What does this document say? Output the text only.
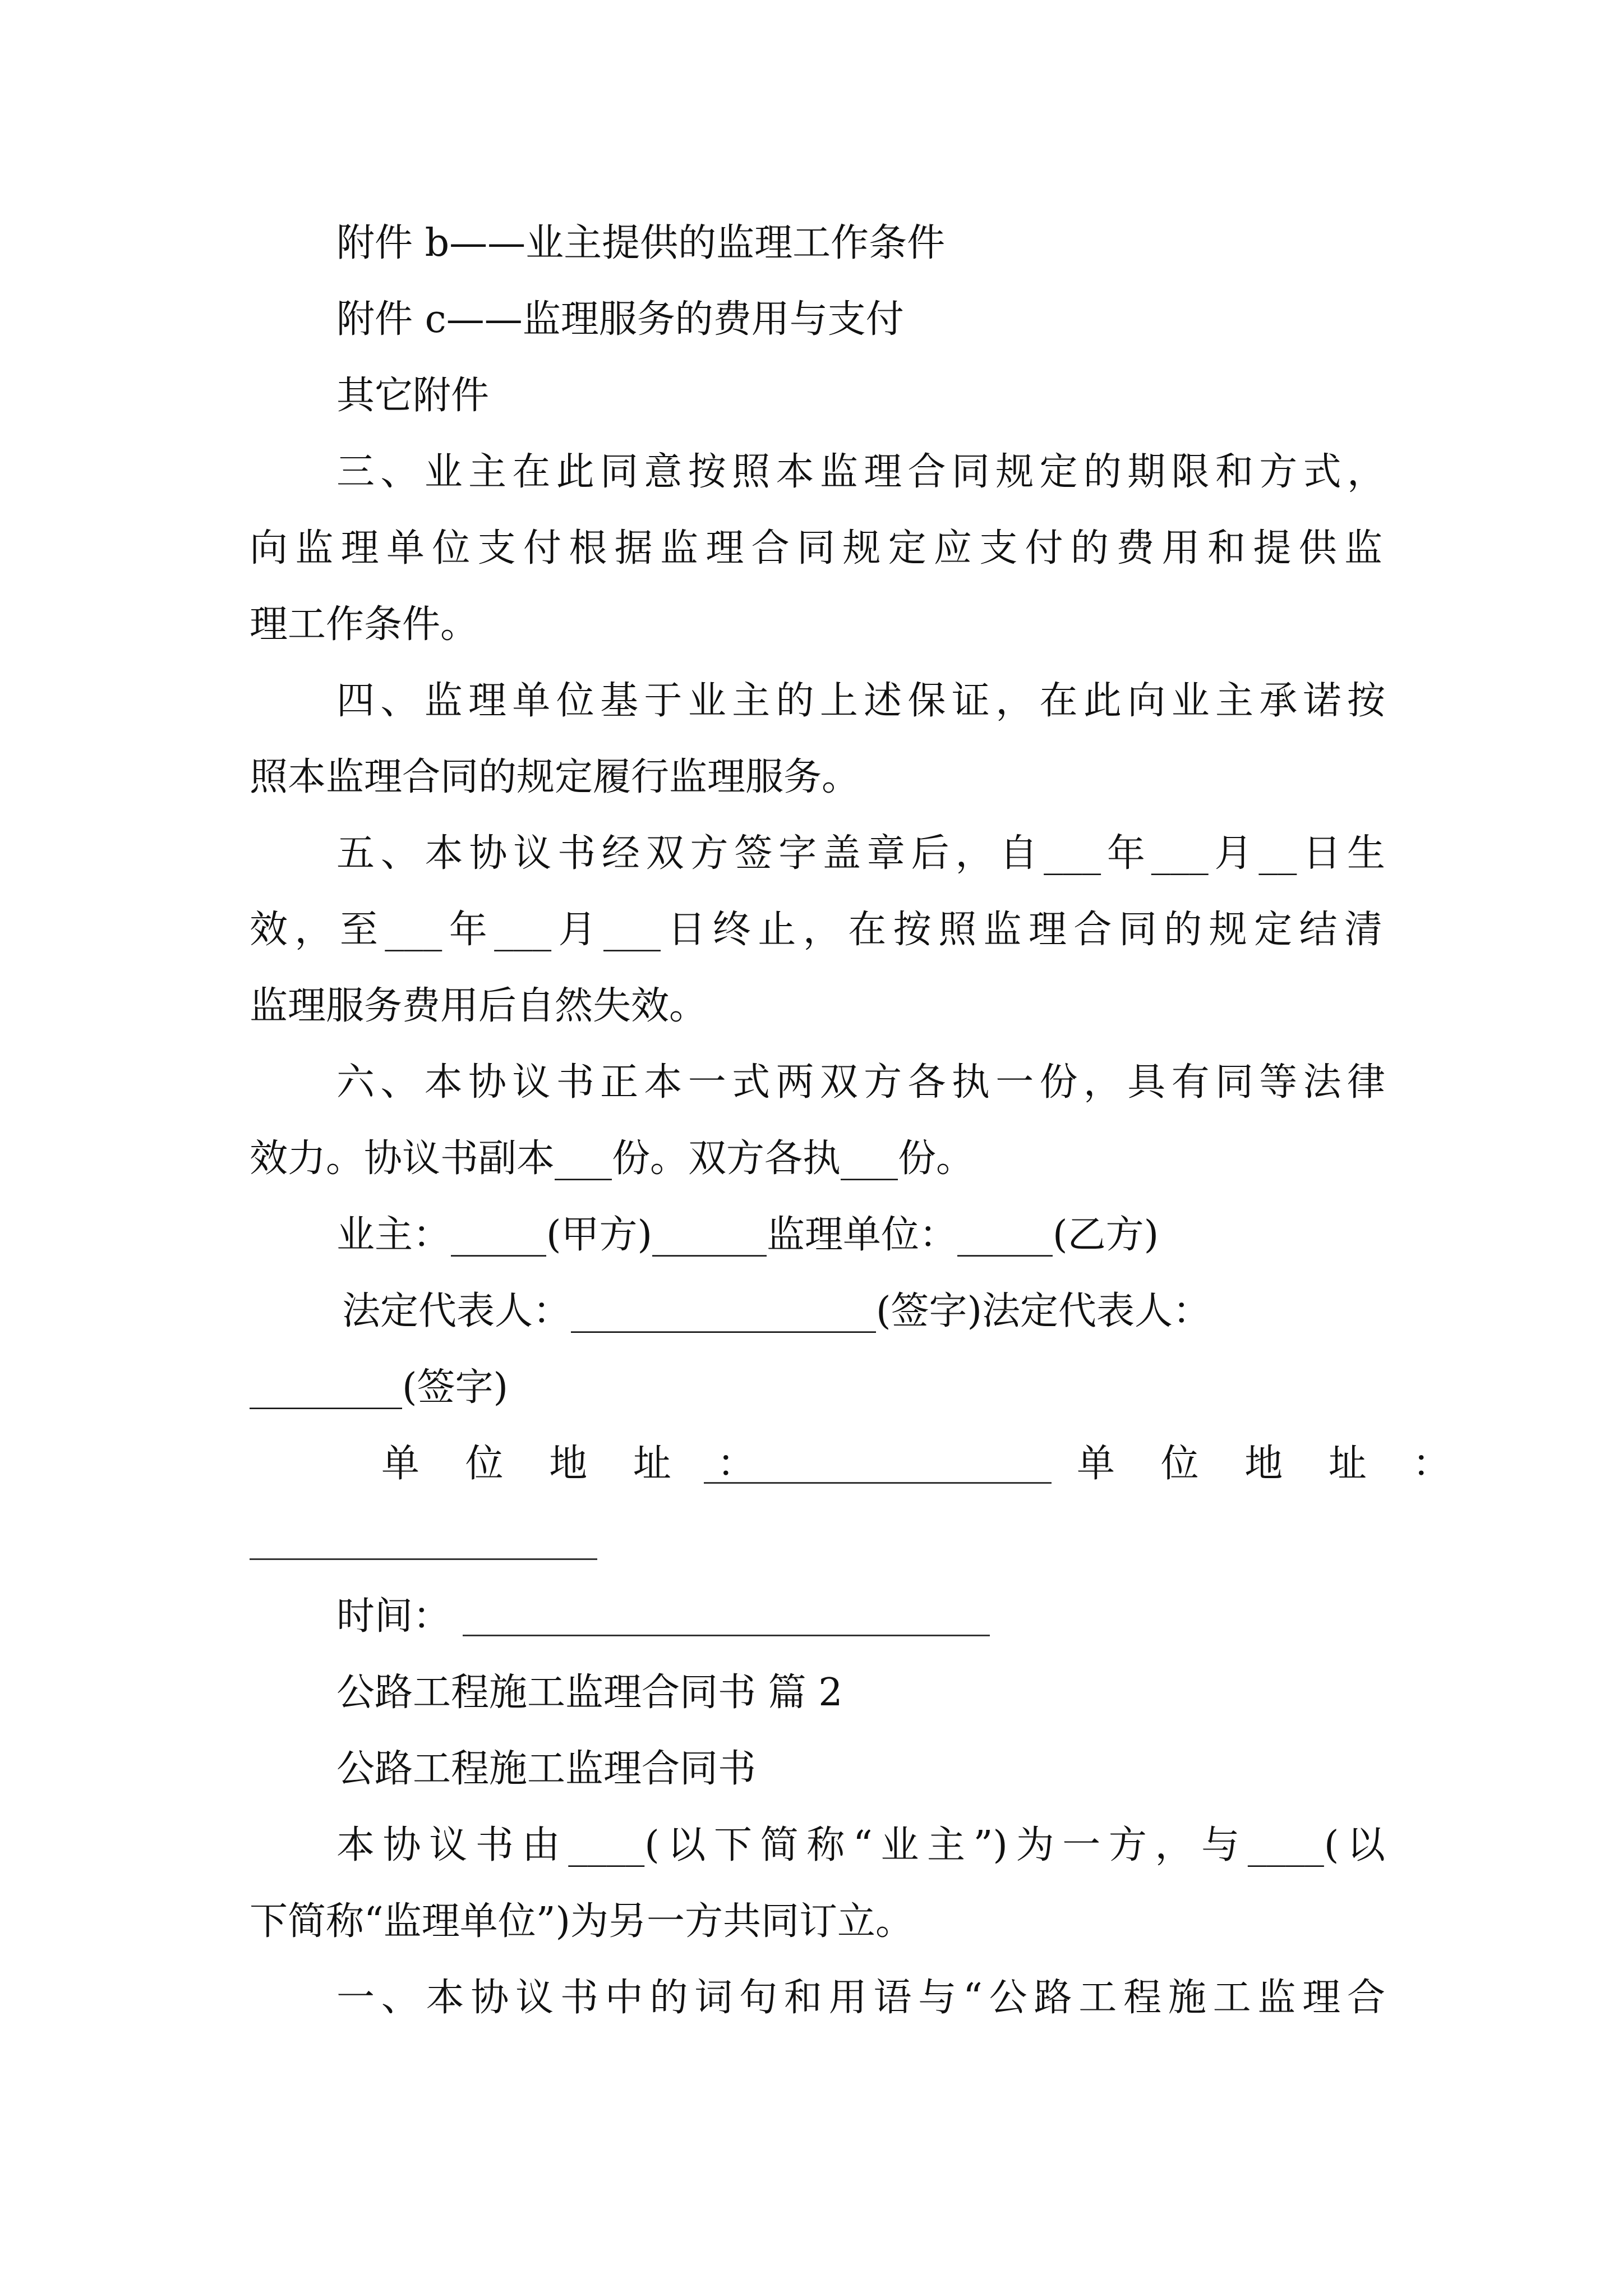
附件 b——业主提供的监理工作条件
附件 c——监理服务的费用与支付
其它附件
三、业主在此同意按照本监理合同规定的期限和方式，
向监理单位支付根据监理合同规定应支付的费用和提供监
理工作条件。
四、监理单位基于业主的上述保证，在此向业主承诺按
照本监理合同的规定履行监理服务。
五、本协议书经双方签字盖章后，自___年___月__日生
效，至___年___月___日终止，在按照监理合同的规定结清
监理服务费用后自然失效。
六、本协议书正本一式两双方各执一份，具有同等法律
效力。协议书副本___份。双方各执___份。
业主：_____(甲方)______监理单位：_____(乙方)
法定代表人：________________(签字)法定代表人：
________(签字)
单 位 地 址 ：	单 位 地 址 ：
时间：
公路工程施工监理合同书 篇 2
公路工程施工监理合同书
本协议书由____(以下简称“业主”)为一方，与____(以
下简称“监理单位”)为另一方共同订立。
一、本协议书中的词句和用语与“公路工程施工监理合
